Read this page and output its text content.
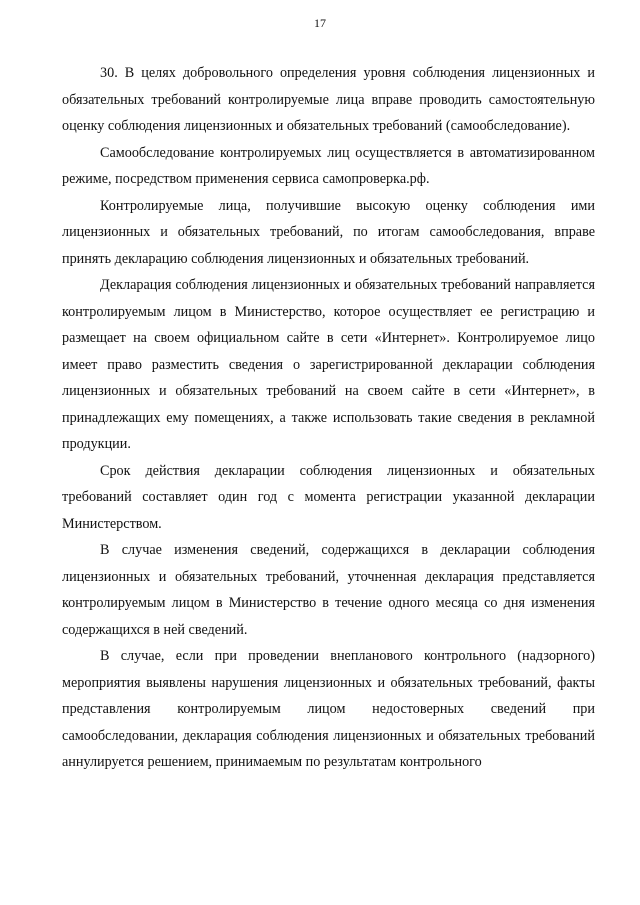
17

30. В целях добровольного определения уровня соблюдения лицензионных и обязательных требований контролируемые лица вправе проводить самостоятельную оценку соблюдения лицензионных и обязательных требований (самообследование).

Самообследование контролируемых лиц осуществляется в автоматизированном режиме, посредством применения сервиса самопроверка.рф.

Контролируемые лица, получившие высокую оценку соблюдения ими лицензионных и обязательных требований, по итогам самообследования, вправе принять декларацию соблюдения лицензионных и обязательных требований.

Декларация соблюдения лицензионных и обязательных требований направляется контролируемым лицом в Министерство, которое осуществляет ее регистрацию и размещает на своем официальном сайте в сети «Интернет». Контролируемое лицо имеет право разместить сведения о зарегистрированной декларации соблюдения лицензионных и обязательных требований на своем сайте в сети «Интернет», в принадлежащих ему помещениях, а также использовать такие сведения в рекламной продукции.

Срок действия декларации соблюдения лицензионных и обязательных требований составляет один год с момента регистрации указанной декларации Министерством.

В случае изменения сведений, содержащихся в декларации соблюдения лицензионных и обязательных требований, уточненная декларация представляется контролируемым лицом в Министерство в течение одного месяца со дня изменения содержащихся в ней сведений.

В случае, если при проведении внепланового контрольного (надзорного) мероприятия выявлены нарушения лицензионных и обязательных требований, факты представления контролируемым лицом недостоверных сведений при самообследовании, декларация соблюдения лицензионных и обязательных требований аннулируется решением, принимаемым по результатам контрольного
